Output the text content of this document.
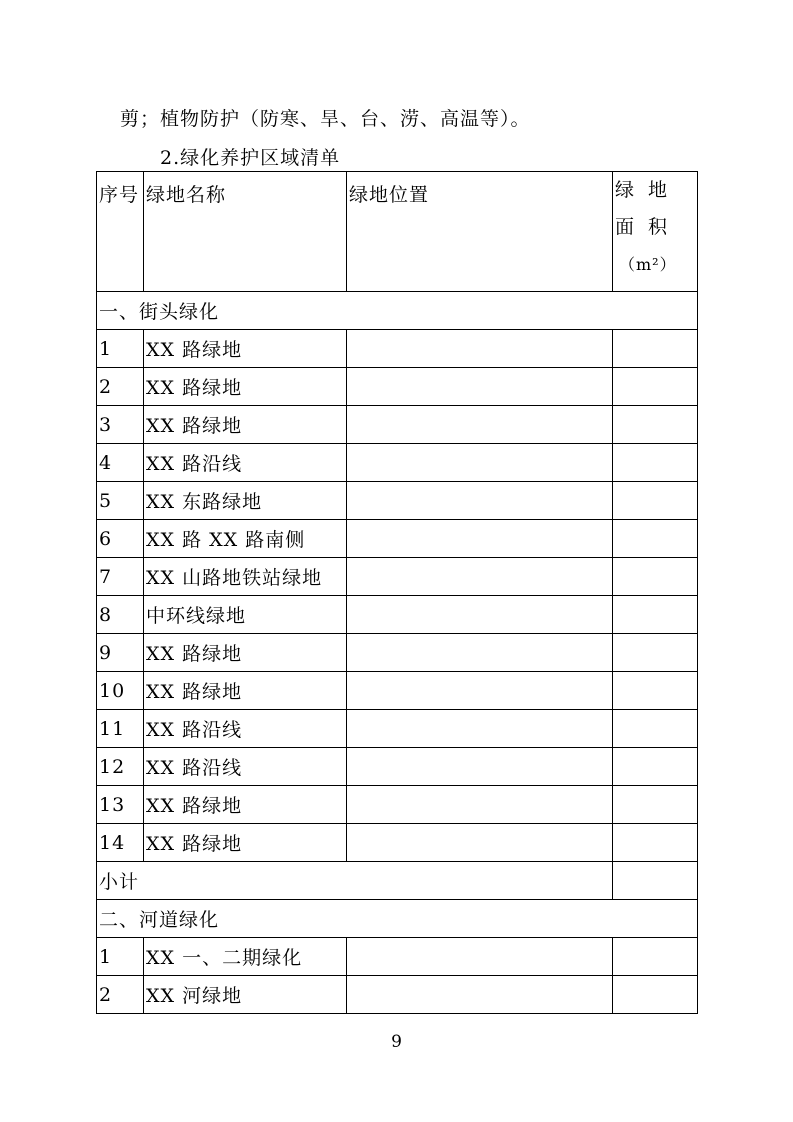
剪；植物防护（防寒、旱、台、涝、高温等）。
2.绿化养护区域清单
序号	绿地名称	绿地位置	绿地面积
（m²）

一、街头绿化			
1	XX 路绿地		
2	XX 路绿地		
3	XX 路绿地		
4	XX 路沿线		
5	XX 东路绿地		
6	XX 路 XX 路南侧		
7	XX 山路地铁站绿地		
8	中环线绿地		
9	XX 路绿地		
10	XX 路绿地		
11	XX 路沿线		
12	XX 路沿线		
13	XX 路绿地		
14	XX 路绿地		
小计			
二、河道绿化			
1	XX 一、二期绿化		
2	XX 河绿地		
9
